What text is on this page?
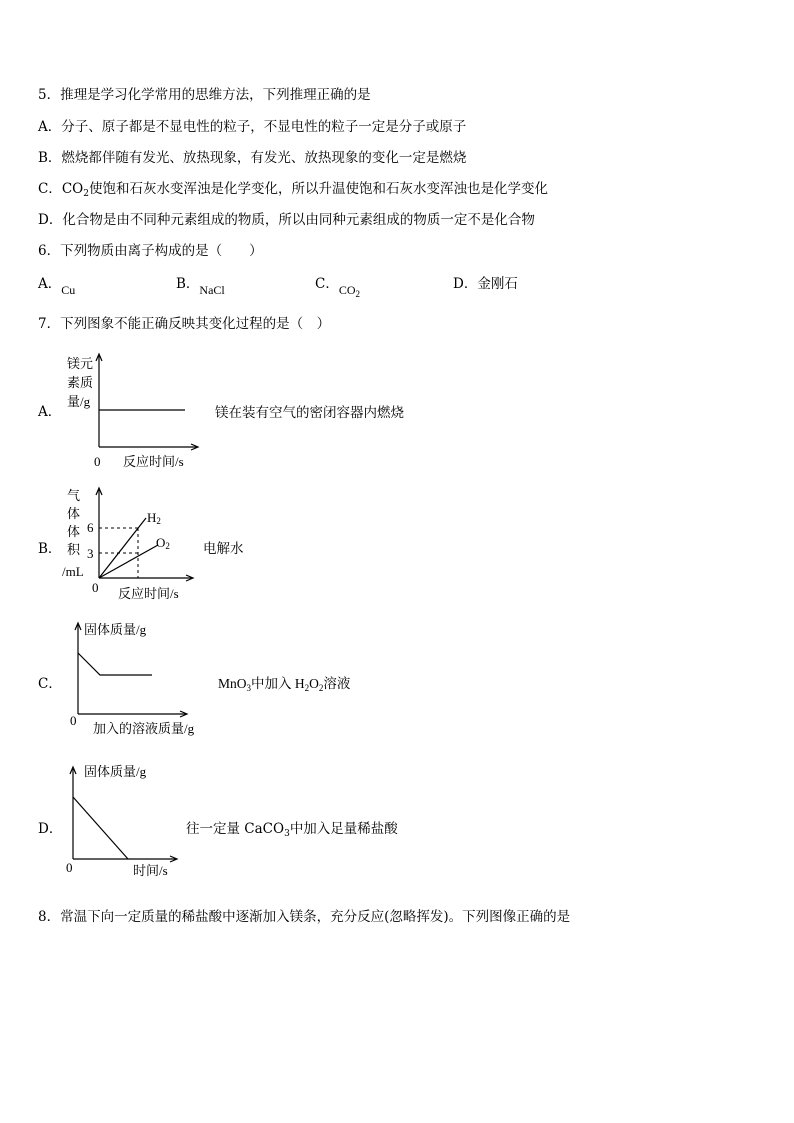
5．推理是学习化学常用的思维方法，下列推理正确的是
A．分子、原子都是不显电性的粒子，不显电性的粒子一定是分子或原子
B．燃烧都伴随有发光、放热现象，有发光、放热现象的变化一定是燃烧
C．$CO_2$使饱和石灰水变浑浊是化学变化，所以升温使饱和石灰水变浑浊也是化学变化
D．化合物是由不同种元素组成的物质，所以由同种元素组成的物质一定不是化合物
6．下列物质由离子构成的是（　　）
A．Cu	B．NaCl	C．$CO_2$
D．金刚石
7．下列图象不能正确反映其变化过程的是（　）
A．
镁元
素质
量/g
0 反应时间/s
镁在装有空气的密闭容器内燃烧
B．
气
体
体
积
/mL
6
3
0
H2
O2
反应时间/s
电解水
C．
固体质量/g
0
加入的溶液质量/g
MnO$_3$中加入 $H_2O_2$溶液
D．
固体质量/g
0	时间/s
往一定量 CaCO$_3$中加入足量稀盐酸
8．常温下向一定质量的稀盐酸中逐渐加入镁条，充分反应(忽略挥发)。下列图像正确的是
